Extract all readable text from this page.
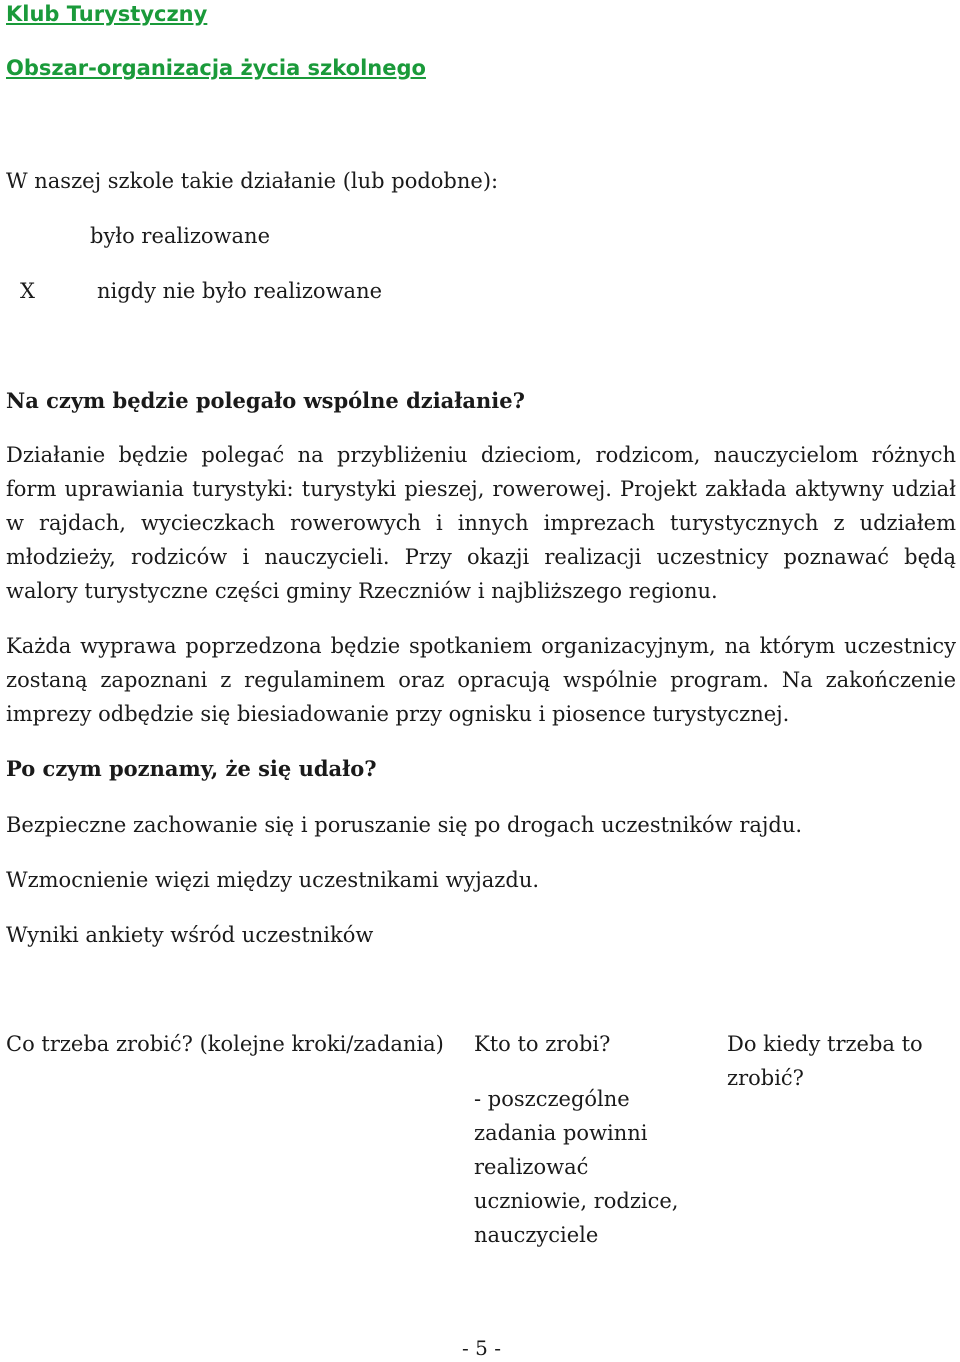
Klub Turystyczny
Obszar-organizacja życia szkolnego
W naszej szkole takie działanie (lub podobne):
było realizowane
X	nigdy nie było realizowane
Na czym będzie polegało wspólne działanie?
Działanie będzie polegać na przybliżeniu dzieciom, rodzicom, nauczycielom różnych form uprawiania turystyki: turystyki pieszej, rowerowej. Projekt zakłada aktywny udział w rajdach, wycieczkach rowerowych i innych imprezach turystycznych z udziałem młodzieży, rodziców i nauczycieli. Przy okazji realizacji uczestnicy poznawać będą walory turystyczne części gminy Rzeczniów i najbliższego regionu.
Każda wyprawa poprzedzona będzie spotkaniem organizacyjnym, na którym uczestnicy zostaną zapoznani z regulaminem oraz opracują wspólnie program. Na zakończenie imprezy odbędzie się biesiadowanie przy ognisku i piosence turystycznej.
Po czym poznamy, że się udało?
Bezpieczne zachowanie się i poruszanie się po drogach uczestników rajdu.
Wzmocnienie więzi między uczestnikami wyjazdu.
Wyniki ankiety wśród uczestników
Co trzeba zrobić? (kolejne kroki/zadania) Kto to zrobi?	Do kiedy trzeba to zrobić?
- poszczególne zadania powinni realizować uczniowie, rodzice, nauczyciele
- 5 -
